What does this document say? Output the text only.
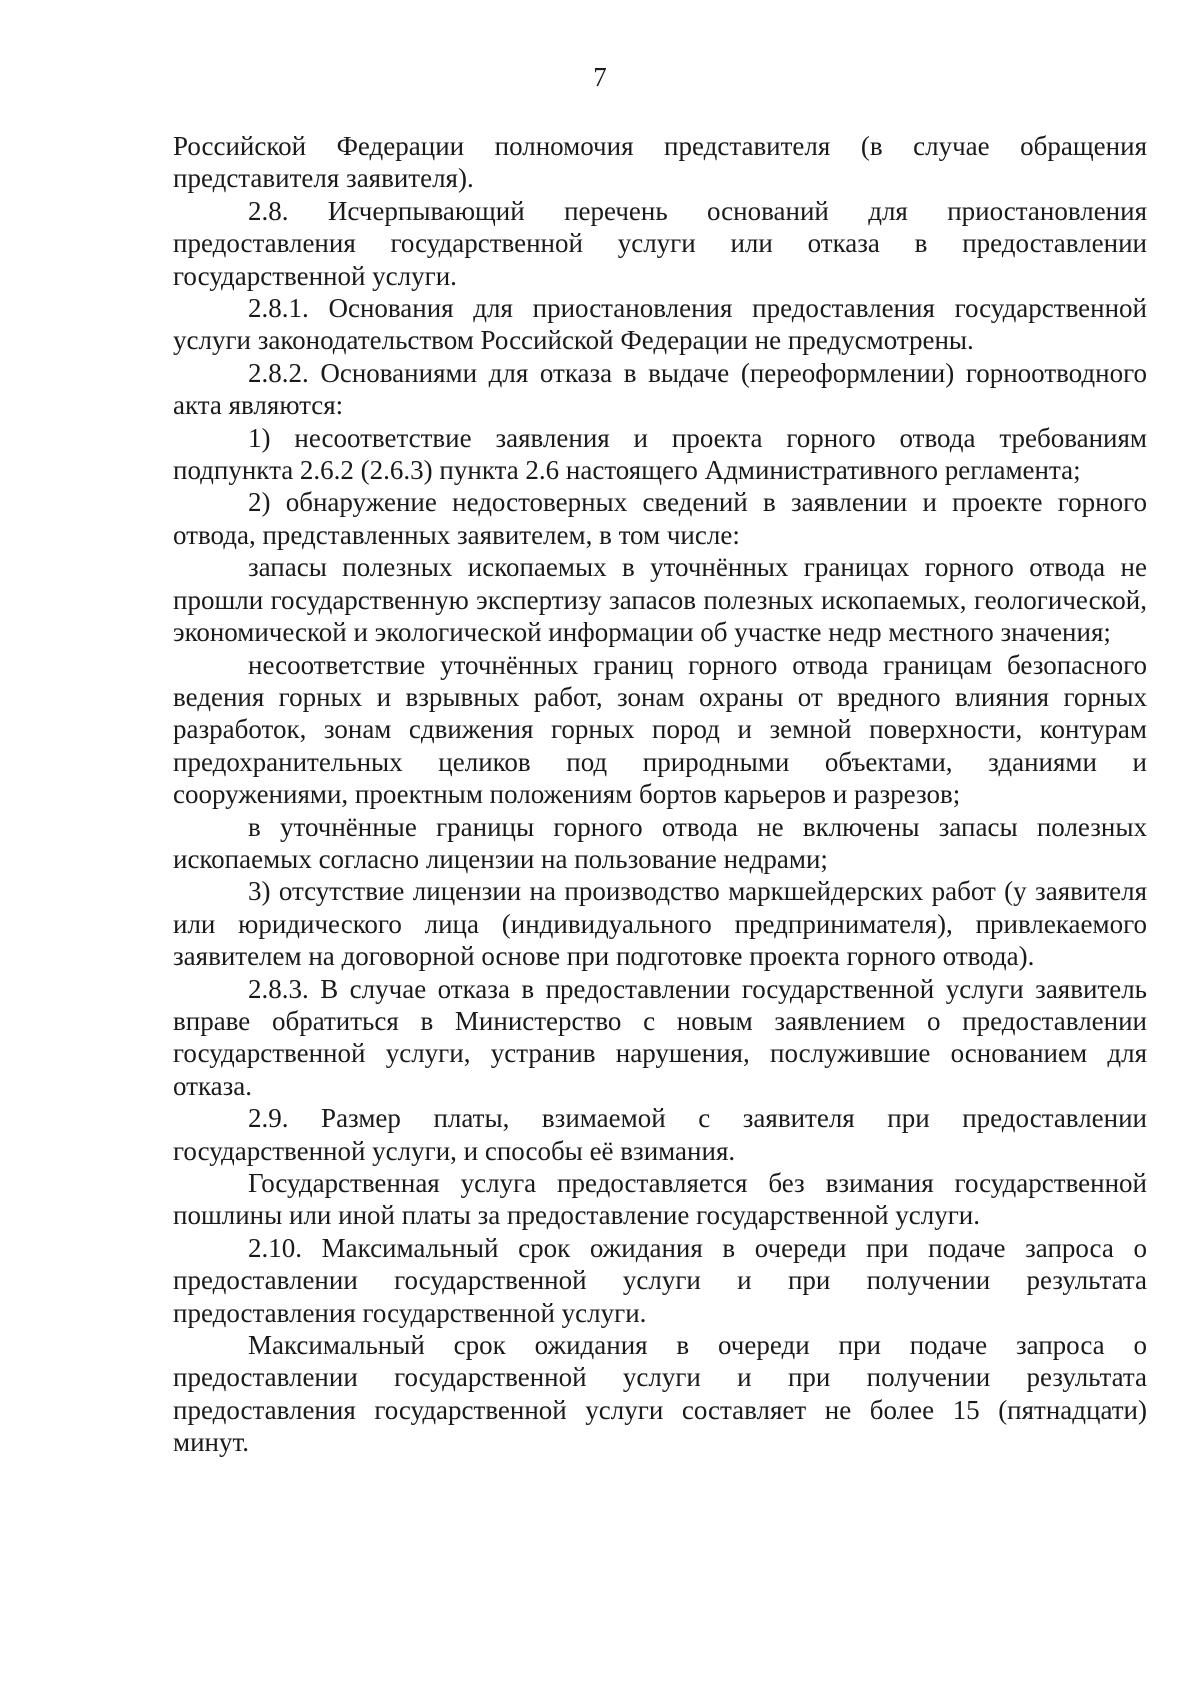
7

Российской Федерации полномочия представителя (в случае обращения представителя заявителя).

2.8. Исчерпывающий перечень оснований для приостановления предоставления государственной услуги или отказа в предоставлении государственной услуги.

2.8.1. Основания для приостановления предоставления государственной услуги законодательством Российской Федерации не предусмотрены.

2.8.2. Основаниями для отказа в выдаче (переоформлении) горноотводного акта являются:

1) несоответствие заявления и проекта горного отвода требованиям подпункта 2.6.2 (2.6.3) пункта 2.6 настоящего Административного регламента;

2) обнаружение недостоверных сведений в заявлении и проекте горного отвода, представленных заявителем, в том числе:

запасы полезных ископаемых в уточнённых границах горного отвода не прошли государственную экспертизу запасов полезных ископаемых, геологической, экономической и экологической информации об участке недр местного значения;

несоответствие уточнённых границ горного отвода границам безопасного ведения горных и взрывных работ, зонам охраны от вредного влияния горных разработок, зонам сдвижения горных пород и земной поверхности, контурам предохранительных целиков под природными объектами, зданиями и сооружениями, проектным положениям бортов карьеров и разрезов;

в уточнённые границы горного отвода не включены запасы полезных ископаемых согласно лицензии на пользование недрами;

3) отсутствие лицензии на производство маркшейдерских работ (у заявителя или юридического лица (индивидуального предпринимателя), привлекаемого заявителем на договорной основе при подготовке проекта горного отвода).

2.8.3. В случае отказа в предоставлении государственной услуги заявитель вправе обратиться в Министерство с новым заявлением о предоставлении государственной услуги, устранив нарушения, послужившие основанием для отказа.

2.9. Размер платы, взимаемой с заявителя при предоставлении государственной услуги, и способы её взимания.

Государственная услуга предоставляется без взимания государственной пошлины или иной платы за предоставление государственной услуги.

2.10. Максимальный срок ожидания в очереди при подаче запроса о предоставлении государственной услуги и при получении результата предоставления государственной услуги.

Максимальный срок ожидания в очереди при подаче запроса о предоставлении государственной услуги и при получении результата предоставления государственной услуги составляет не более 15 (пятнадцати) минут.
